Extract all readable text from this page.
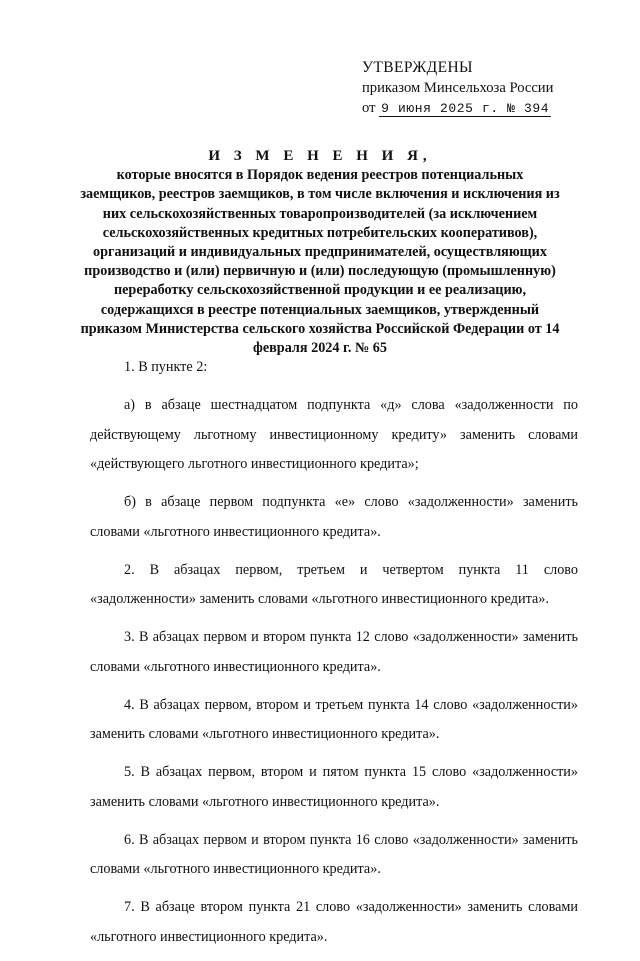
УТВЕРЖДЕНЫ
приказом Минсельхоза России
от 9 июня 2025 г. № 394
И З М Е Н Е Н И Я,
которые вносятся в Порядок ведения реестров потенциальных заемщиков, реестров заемщиков, в том числе включения и исключения из них сельскохозяйственных товаропроизводителей (за исключением сельскохозяйственных кредитных потребительских кооперативов), организаций и индивидуальных предпринимателей, осуществляющих производство и (или) первичную и (или) последующую (промышленную) переработку сельскохозяйственной продукции и ее реализацию, содержащихся в реестре потенциальных заемщиков, утвержденный приказом Министерства сельского хозяйства Российской Федерации от 14 февраля 2024 г. № 65

1. В пункте 2:

а) в абзаце шестнадцатом подпункта «д» слова «задолженности по действующему льготному инвестиционному кредиту» заменить словами «действующего льготного инвестиционного кредита»;

б) в абзаце первом подпункта «е» слово «задолженности» заменить словами «льготного инвестиционного кредита».

2. В абзацах первом, третьем и четвертом пункта 11 слово «задолженности» заменить словами «льготного инвестиционного кредита».

3. В абзацах первом и втором пункта 12 слово «задолженности» заменить словами «льготного инвестиционного кредита».

4. В абзацах первом, втором и третьем пункта 14 слово «задолженности» заменить словами «льготного инвестиционного кредита».

5. В абзацах первом, втором и пятом пункта 15 слово «задолженности» заменить словами «льготного инвестиционного кредита».

6. В абзацах первом и втором пункта 16 слово «задолженности» заменить словами «льготного инвестиционного кредита».

7. В абзаце втором пункта 21 слово «задолженности» заменить словами «льготного инвестиционного кредита».
